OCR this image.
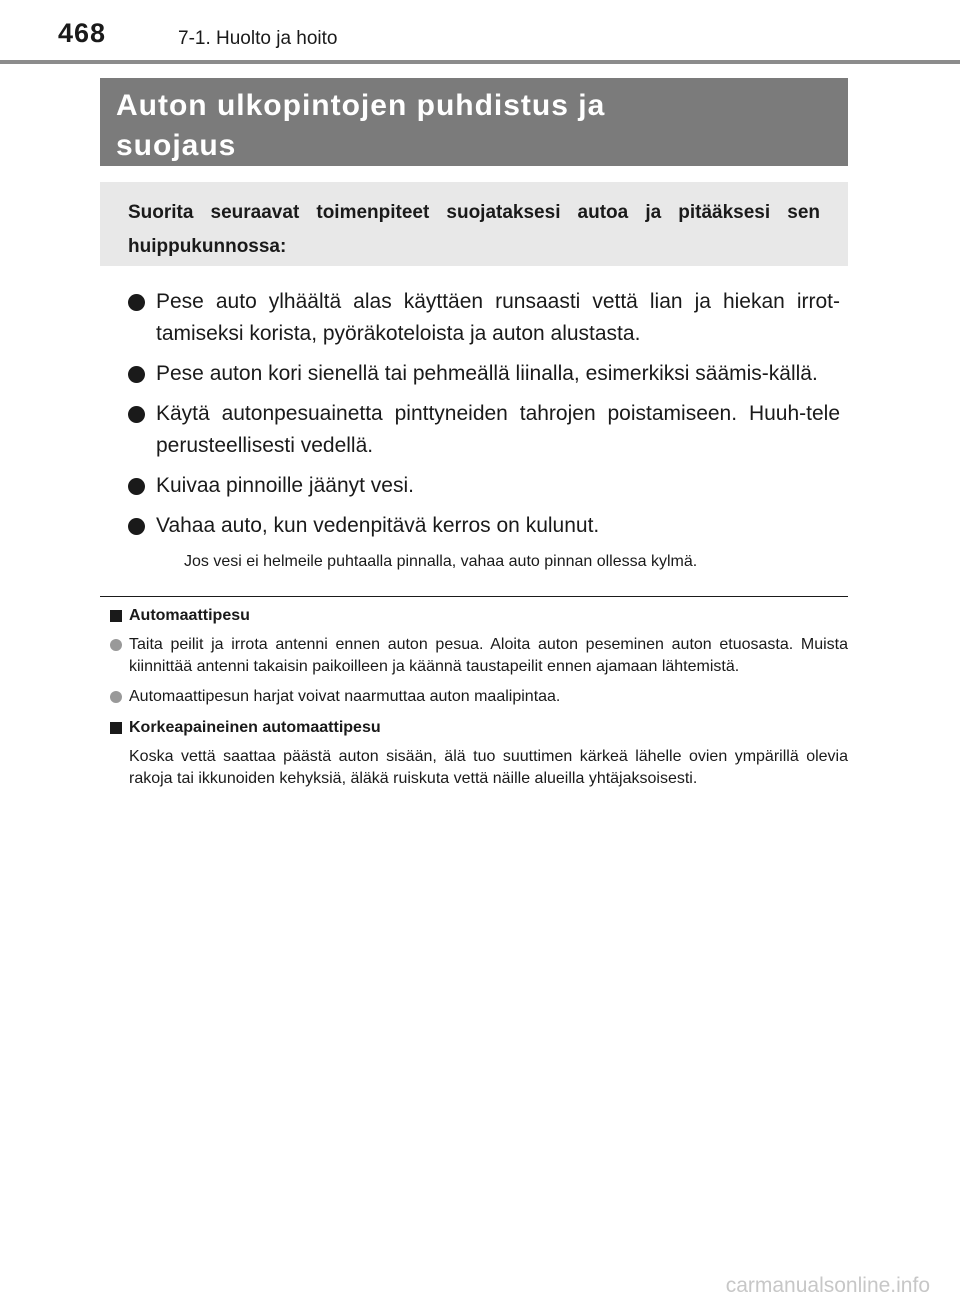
468	7-1. Huolto ja hoito
Auton ulkopintojen puhdistus ja
suojaus
Suorita seuraavat toimenpiteet suojataksesi autoa ja pitääksesi sen huippukunnossa:
Pese auto ylhäältä alas käyttäen runsaasti vettä lian ja hiekan irrot-tamiseksi korista, pyöräkoteloista ja auton alustasta.
Pese auton kori sienellä tai pehmeällä liinalla, esimerkiksi säämis-källä.
Käytä autonpesuainetta pinttyneiden tahrojen poistamiseen. Huuh-tele perusteellisesti vedellä.
Kuivaa pinnoille jäänyt vesi.
Vahaa auto, kun vedenpitävä kerros on kulunut.
Jos vesi ei helmeile puhtaalla pinnalla, vahaa auto pinnan ollessa kylmä.
Automaattipesu
Taita peilit ja irrota antenni ennen auton pesua. Aloita auton peseminen auton etuosasta. Muista kiinnittää antenni takaisin paikoilleen ja käännä taustapeilit ennen ajamaan lähtemistä.
Automaattipesun harjat voivat naarmuttaa auton maalipintaa.
Korkeapaineinen automaattipesu
Koska vettä saattaa päästä auton sisään, älä tuo suuttimen kärkeä lähelle ovien ympärillä olevia rakoja tai ikkunoiden kehyksiä, äläkä ruiskuta vettä näille alueilla yhtäjaksoisesti.
carmanualsonline.info
